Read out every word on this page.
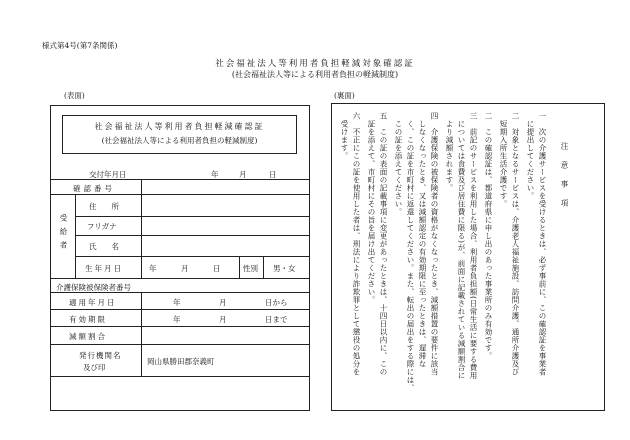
様式第4号(第7条関係)
社会福祉法人等利用者負担軽減対象確認証
(社会福祉法人等による利用者負担の軽減制度)
(表面)	(裏面)
社会福祉法人等利用者負担軽減確認証
(社会福祉法人等による利用者負担の軽減制度)
交付年月日	年	月	日
確認番号
受給者
住　　所
フリガナ
氏　　名
生年月日	年	月	日	性別 男・女
介護保険被保険者番号
適用年月日	年	月	日から
有効期限	年	月	日まで
減額割合
発行機関名
及び印
岡山県勝田郡奈義町
注　意　事　項
一　次の介護サービスを受けるときは、必ず事前に、この確認証を事業者
　に提出してください。
二　対象となるサービスは、介護老人福祉施設、訪問介護、通所介護及び
　短期入所生活介護です。
二　この確認証は、都道府県に申し出のあった事業所のみ有効です。
三　前記のサービスを利用した場合、利用者負担額(日常生活に要する費用
　については食費及び居住費に限る)が、前面に記載されている減額割合に
　より減額されます。
四　介護保険の被保険者の資格がなくなったとき、減額措置の要件に該当
　しなくなったとき、又は減額認定の有効期限に至ったときは、遅滞な
　く、この証を市町村に返還してください。また、転出の届出をする際には、
　この証を添えてください。
五　この証の表面の記載事項に変更があったときは、十四日以内に、この
　証を添えて、市町村にその旨を届け出てください。
六　不正にこの証を使用した者は、刑法により詐欺罪として懲役の処分を
　受けます。
